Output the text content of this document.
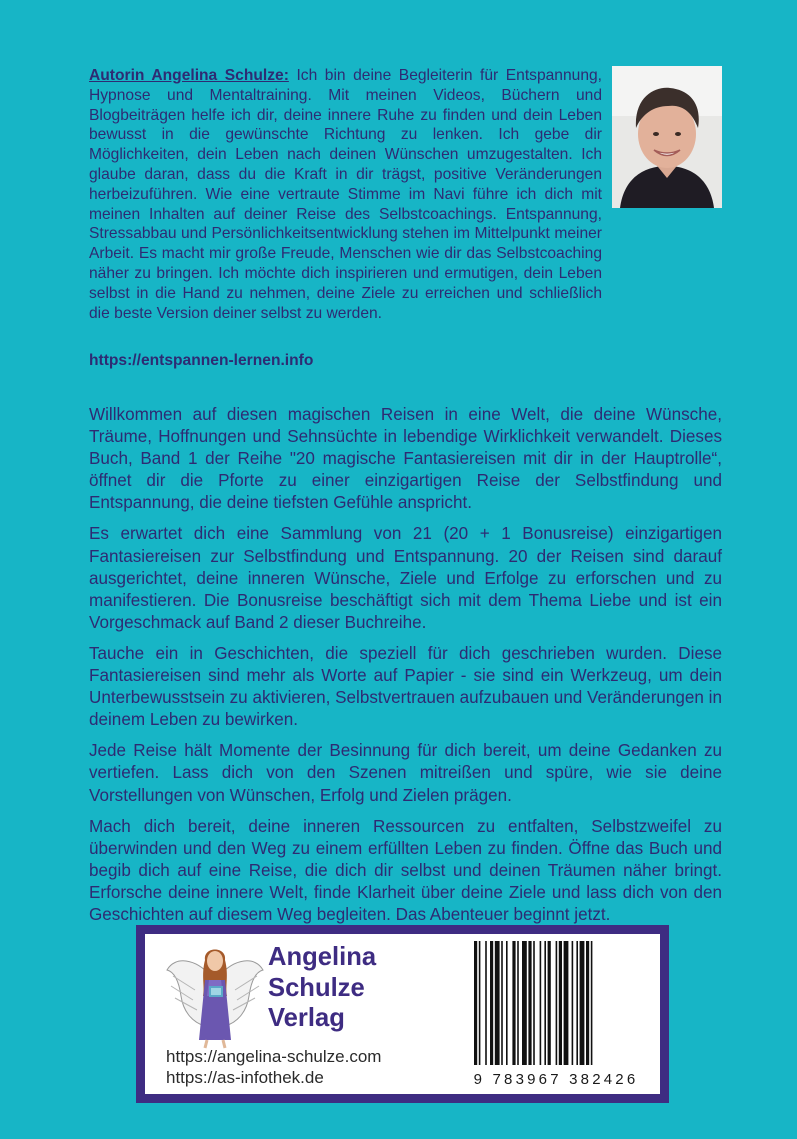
Autorin Angelina Schulze: Ich bin deine Begleiterin für Entspannung, Hypnose und Mentaltraining. Mit meinen Videos, Büchern und Blogbeiträgen helfe ich dir, deine innere Ruhe zu finden und dein Leben bewusst in die gewünschte Richtung zu lenken. Ich gebe dir Möglichkeiten, dein Leben nach deinen Wünschen umzugestalten. Ich glaube daran, dass du die Kraft in dir trägst, positive Veränderungen herbeizuführen. Wie eine vertraute Stimme im Navi führe ich dich mit meinen Inhalten auf deiner Reise des Selbstcoachings. Entspannung, Stressabbau und Persönlichkeitsentwicklung stehen im Mittelpunkt meiner Arbeit. Es macht mir große Freude, Menschen wie dir das Selbstcoaching näher zu bringen. Ich möchte dich inspirieren und ermutigen, dein Leben selbst in die Hand zu nehmen, deine Ziele zu erreichen und schließlich die beste Version deiner selbst zu werden.
https://entspannen-lernen.info

Willkommen auf diesen magischen Reisen in eine Welt, die deine Wünsche, Träume, Hoffnungen und Sehnsüchte in lebendige Wirklichkeit verwandelt. Dieses Buch, Band 1 der Reihe "20 magische Fantasiereisen mit dir in der Hauptrolle“, öffnet dir die Pforte zu einer einzigartigen Reise der Selbstfindung und Entspannung, die deine tiefsten Gefühle anspricht.

Es erwartet dich eine Sammlung von 21 (20 + 1 Bonusreise) einzigartigen Fantasiereisen zur Selbstfindung und Entspannung. 20 der Reisen sind darauf ausgerichtet, deine inneren Wünsche, Ziele und Erfolge zu erforschen und zu manifestieren. Die Bonusreise beschäftigt sich mit dem Thema Liebe und ist ein Vorgeschmack auf Band 2 dieser Buchreihe.

Tauche ein in Geschichten, die speziell für dich geschrieben wurden. Diese Fantasiereisen sind mehr als Worte auf Papier - sie sind ein Werkzeug, um dein Unterbewusstsein zu aktivieren, Selbstvertrauen aufzubauen und Veränderungen in deinem Leben zu bewirken.

Jede Reise hält Momente der Besinnung für dich bereit, um deine Gedanken zu vertiefen. Lass dich von den Szenen mitreißen und spüre, wie sie deine Vorstellungen von Wünschen, Erfolg und Zielen prägen.

Mach dich bereit, deine inneren Ressourcen zu entfalten, Selbstzweifel zu überwinden und den Weg zu einem erfüllten Leben zu finden. Öffne das Buch und begib dich auf eine Reise, die dich dir selbst und deinen Träumen näher bringt. Erforsche deine innere Welt, finde Klarheit über deine Ziele und lass dich von den Geschichten auf diesem Weg begleiten. Das Abenteuer beginnt jetzt.

Angelina
Schulze
Verlag
https://angelina-schulze.com
https://as-infothek.de	9 783967 382426
